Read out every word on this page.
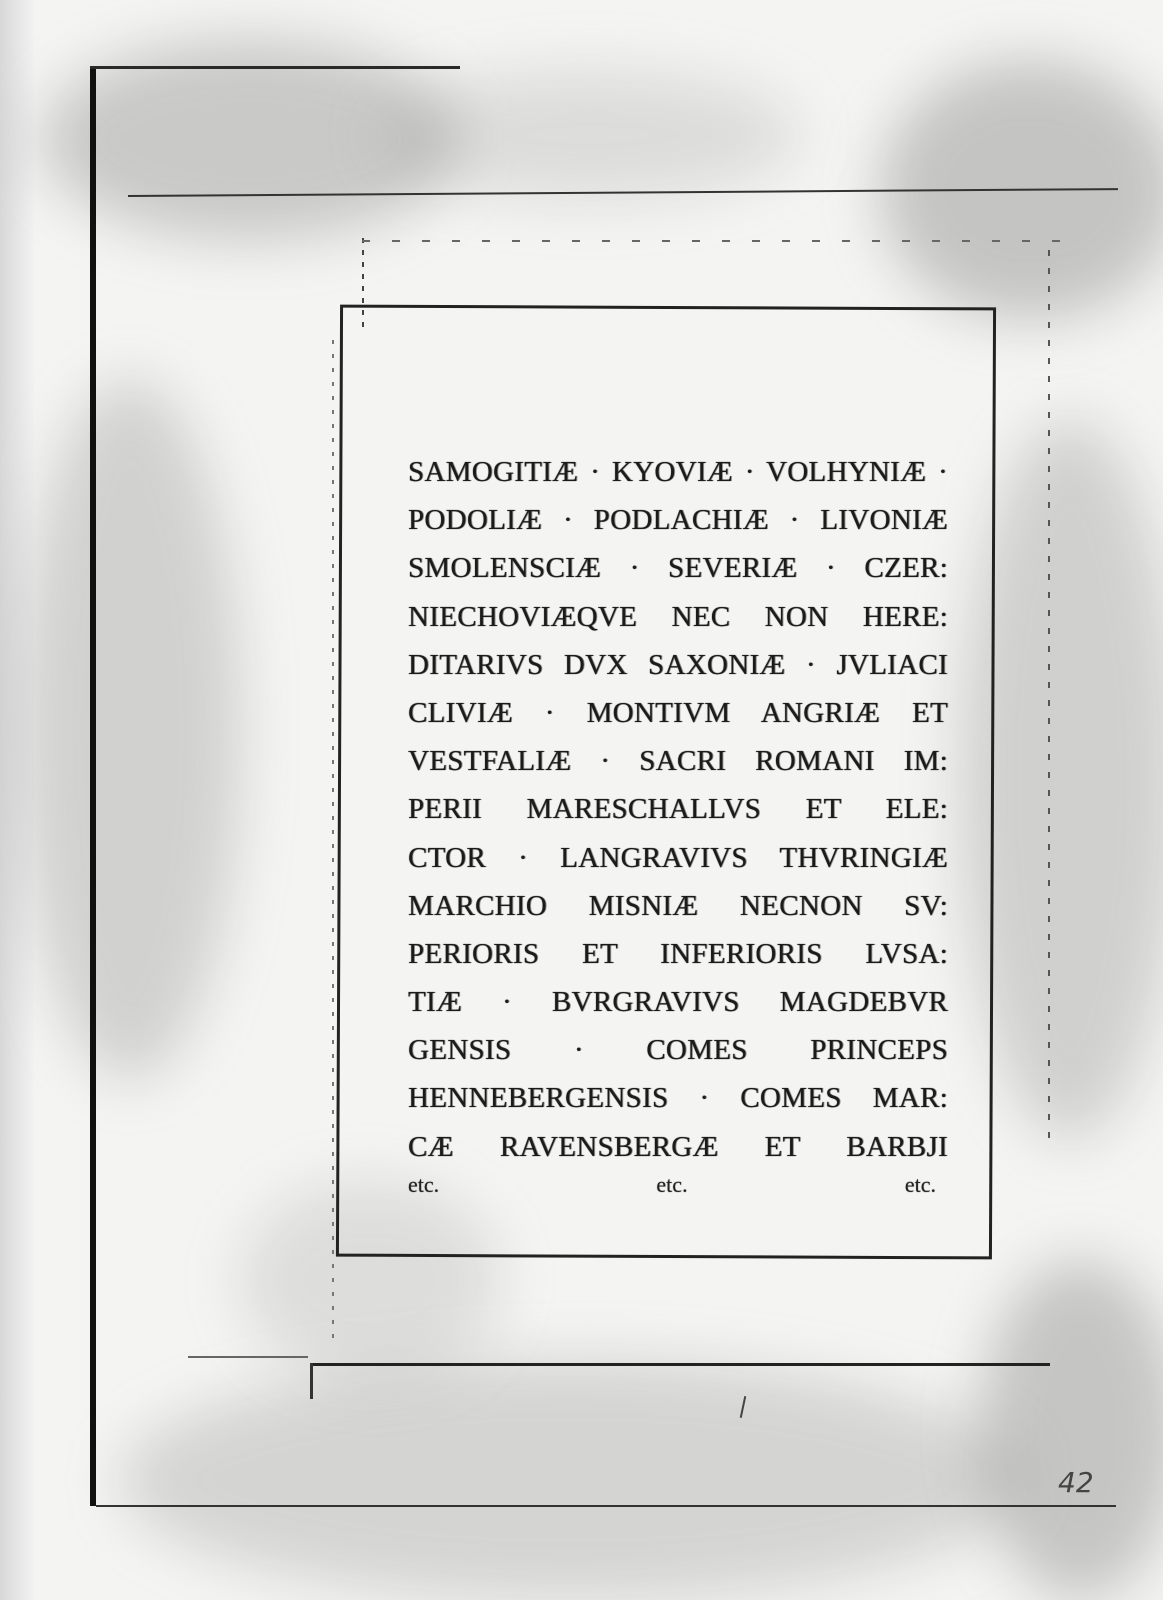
SAMOGITIÆ · KYOVIÆ · VOLHYNIÆ ·
PODOLIÆ · PODLACHIÆ · LIVONIÆ
SMOLENSCIÆ · SEVERIÆ · CZER:
NIECHOVIÆQVE NEC NON HERE:
DITARIVS DVX SAXONIÆ · JVLIACI
CLIVIÆ · MONTIVM ANGRIÆ ET
VESTFALIÆ · SACRI ROMANI IM:
PERII MARESCHALLVS ET ELE:
CTOR · LANGRAVIVS THVRINGIÆ
MARCHIO MISNIÆ NECNON SV:
PERIORIS ET INFERIORIS LVSA:
TIÆ · BVRGRAVIVS MAGDEBVR
GENSIS · COMES PRINCEPS
HENNEBERGENSIS · COMES MAR:
CÆ RAVENSBERGÆ ET BARBJI
etc.	etc.	etc.
42
